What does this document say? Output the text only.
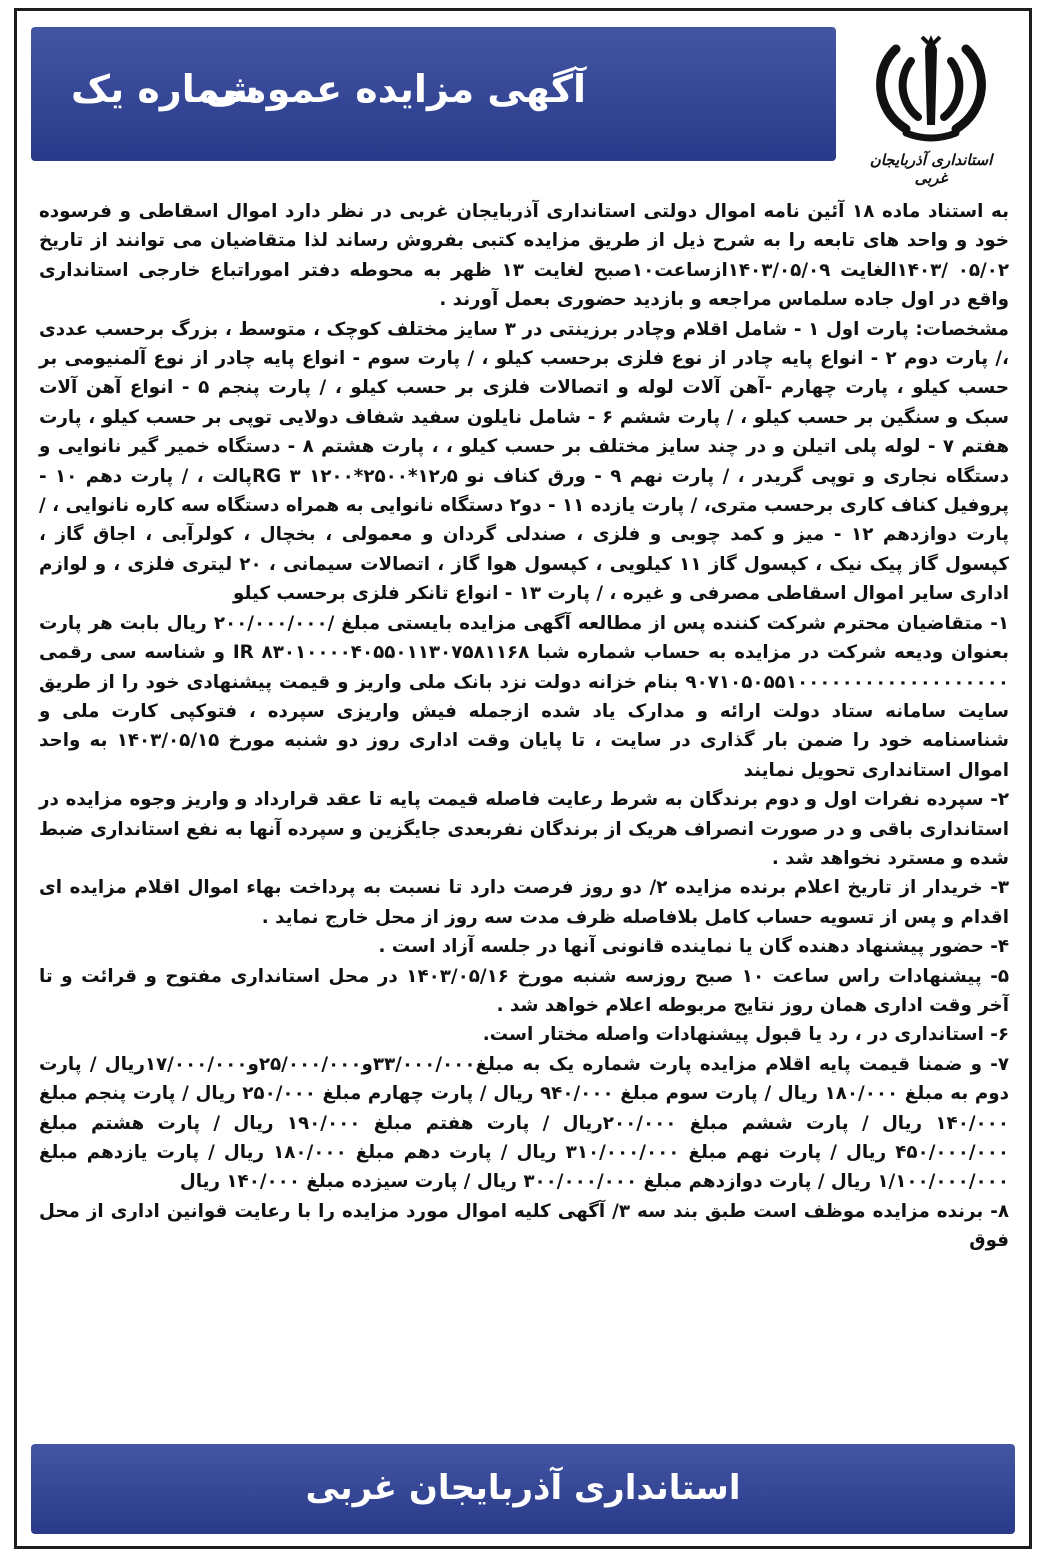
آگهی مزایده عمومی
شماره یک
استانداری آذربایجان غربی

به استناد ماده ۱۸ آئین نامه اموال دولتی استانداری آذربایجان غربی در نظر دارد اموال اسقاطی و فرسوده خود و واحد های تابعه را به شرح ذیل از طریق مزایده کتبی بفروش رساند لذا متقاضیان می توانند از تاریخ ۰۵/۰۲ /۱۴۰۳الغایت ۱۴۰۳/۰۵/۰۹ازساعت۱۰صبح لغایت ۱۳ ظهر به محوطه دفتر اموراتباع خارجی استانداری واقع در اول جاده سلماس مراجعه و بازدید حضوری بعمل آورند .

مشخصات: پارت اول ۱ - شامل اقلام وچادر برزینتی در ۳ سایز مختلف کوچک ، متوسط ، بزرگ برحسب عددی ،/ پارت دوم ۲ - انواع پایه چادر از نوع فلزی برحسب کیلو ، / پارت سوم - انواع پایه چادر از نوع آلمنیومی بر حسب کیلو ، پارت چهارم -آهن آلات لوله و اتصالات فلزی بر حسب کیلو ، / پارت پنجم ۵ - انواع آهن آلات سبک و سنگین بر حسب کیلو ، / پارت ششم ۶ - شامل نایلون سفید شفاف دولایی توپی بر حسب کیلو ، پارت هفتم ۷ - لوله پلی اتیلن و در چند سایز مختلف بر حسب کیلو ، ، پارت هشتم ۸ - دستگاه خمیر گیر نانوایی و دستگاه نجاری و توپی گریدر ، / پارت نهم ۹ - ورق کناف نو ۱۲٫۵*۲۵۰۰*۱۲۰۰ RG ۳پالت ، / پارت دهم ۱۰ - پروفیل کناف کاری برحسب متری، / پارت یازده ۱۱ - دو۲ دستگاه نانوایی به همراه دستگاه سه کاره نانوایی ، / پارت دوازدهم ۱۲ - میز و کمد چوبی و فلزی ، صندلی گردان و معمولی ، بخچال ، کولرآبی ، اجاق گاز ، کپسول گاز پیک نیک ، کپسول گاز ۱۱ کیلویی ، کپسول هوا گاز ، اتصالات سیمانی ، ۲۰ لیتری فلزی ، و لوازم اداری سایر اموال اسقاطی مصرفی و غیره ، / پارت ۱۳ - انواع تانکر فلزی برحسب کیلو

۱- متقاضیان محترم شرکت کننده پس از مطالعه آگهی مزایده بایستی مبلغ /۲۰۰/۰۰۰/۰۰۰ ریال بابت هر پارت بعنوان ودیعه شرکت در مزایده به حساب شماره شبا IR ۸۳۰۱۰۰۰۰۴۰۵۵۰۱۱۳۰۷۵۸۱۱۶۸ و شناسه سی رقمی ۹۰۷۱۰۵۰۵۵۱۰۰۰۰۰۰۰۰۰۰۰۰۰۰۰۰۰۰۰ بنام خزانه دولت نزد بانک ملی واریز و قیمت پیشنهادی خود را از طریق سایت سامانه ستاد دولت ارائه و مدارک یاد شده ازجمله فیش واریزی سپرده ، فتوکپی کارت ملی و شناسنامه خود را ضمن بار گذاری در سایت ، تا پایان وقت اداری روز دو شنبه مورخ ۱۴۰۳/۰۵/۱۵ به واحد اموال استانداری تحویل نمایند

۲- سپرده نفرات اول و دوم برندگان به شرط رعایت فاصله قیمت پایه تا عقد قرارداد و واریز وجوه مزایده در استانداری باقی و در صورت انصراف هریک از برندگان نفربعدی جایگزین و سپرده آنها به نفع استانداری ضبط شده و مسترد نخواهد شد .

۳- خریدار از تاریخ اعلام برنده مزایده ۲/ دو روز فرصت دارد تا نسبت به پرداخت بهاء اموال اقلام مزایده ای اقدام و پس از تسویه حساب کامل بلافاصله ظرف مدت سه روز از محل خارج نماید .

۴- حضور پیشنهاد دهنده گان یا نماینده قانونی آنها در جلسه آزاد است .

۵- پیشنهادات راس ساعت ۱۰ صبح روزسه شنبه مورخ ۱۴۰۳/۰۵/۱۶ در محل استانداری مفتوح و قرائت و تا آخر وقت اداری همان روز نتایج مربوطه اعلام خواهد شد .

۶- استانداری در ، رد یا قبول پیشنهادات واصله مختار است.

۷- و ضمنا قیمت پایه اقلام مزایده پارت شماره یک به مبلغ۳۳/۰۰۰/۰۰۰و۲۵/۰۰۰/۰۰۰و۱۷/۰۰۰/۰۰۰ریال / پارت دوم به مبلغ ۱۸۰/۰۰۰ ریال / پارت سوم مبلغ ۹۴۰/۰۰۰ ریال / پارت چهارم مبلغ ۲۵۰/۰۰۰ ریال / پارت پنجم مبلغ ۱۴۰/۰۰۰ ریال / پارت ششم مبلغ ۲۰۰/۰۰۰ریال / پارت هفتم مبلغ ۱۹۰/۰۰۰ ریال / پارت هشتم مبلغ ۴۵۰/۰۰۰/۰۰۰ ریال / پارت نهم مبلغ ۳۱۰/۰۰۰/۰۰۰ ریال / پارت دهم مبلغ ۱۸۰/۰۰۰ ریال / پارت یازدهم مبلغ ۱/۱۰۰/۰۰۰/۰۰۰ ریال / پارت دوازدهم مبلغ ۳۰۰/۰۰۰/۰۰۰ ریال / پارت سیزده مبلغ ۱۴۰/۰۰۰ ریال

۸- برنده مزایده موظف است طبق بند سه ۳/ آگهی کلیه اموال مورد مزایده را با رعایت قوانین اداری از محل فوق

استانداری آذربایجان غربی
